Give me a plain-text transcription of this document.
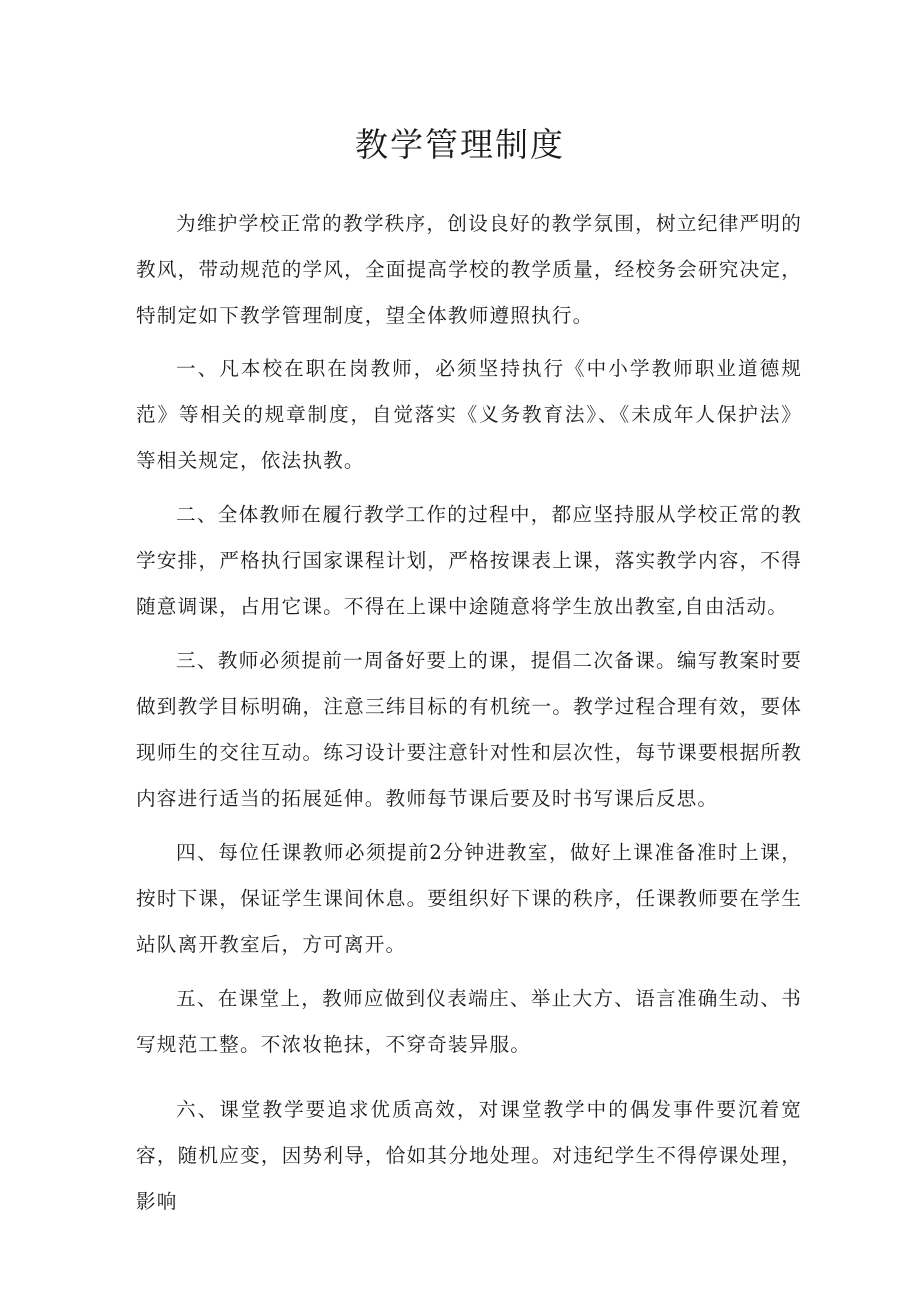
教学管理制度

为维护学校正常的教学秩序，创设良好的教学氛围，树立纪律严明的教风，带动规范的学风，全面提高学校的教学质量，经校务会研究决定，特制定如下教学管理制度，望全体教师遵照执行。

一、凡本校在职在岗教师，必须坚持执行《中小学教师职业道德规范》等相关的规章制度，自觉落实《义务教育法》、《未成年人保护法》等相关规定，依法执教。

二、全体教师在履行教学工作的过程中，都应坚持服从学校正常的教学安排，严格执行国家课程计划，严格按课表上课，落实教学内容，不得随意调课，占用它课。不得在上课中途随意将学生放出教室,自由活动。

三、教师必须提前一周备好要上的课，提倡二次备课。编写教案时要做到教学目标明确，注意三纬目标的有机统一。教学过程合理有效，要体现师生的交往互动。练习设计要注意针对性和层次性，每节课要根据所教内容进行适当的拓展延伸。教师每节课后要及时书写课后反思。

四、每位任课教师必须提前2分钟进教室，做好上课准备准时上课，按时下课，保证学生课间休息。要组织好下课的秩序，任课教师要在学生站队离开教室后，方可离开。

五、在课堂上，教师应做到仪表端庄、举止大方、语言准确生动、书写规范工整。不浓妆艳抹，不穿奇装异服。

六、课堂教学要追求优质高效，对课堂教学中的偶发事件要沉着宽容，随机应变，因势利导，恰如其分地处理。对违纪学生不得停课处理，影响
